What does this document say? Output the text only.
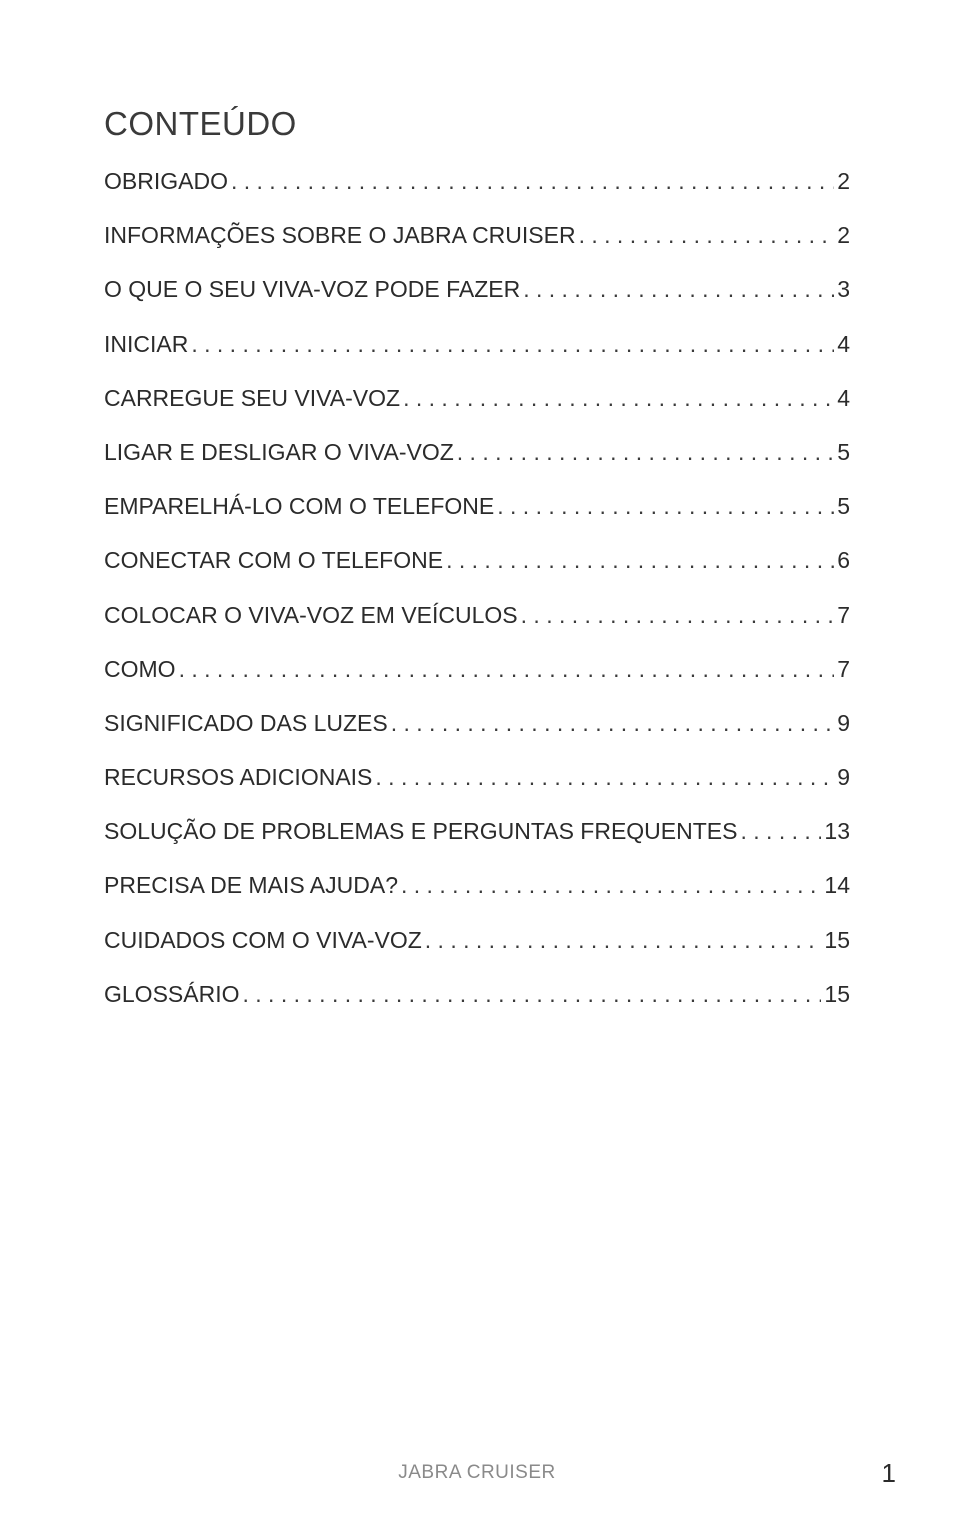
CONTEÚDO
OBRIGADO . . .	2
INFORMAÇÕES SOBRE O JABRA CRUISER . . .	2
O QUE O SEU VIVA-VOZ PODE FAZER . . .	3
INICIAR . . .	4
CARREGUE SEU VIVA-VOZ . . .	4
LIGAR E DESLIGAR O VIVA-VOZ . . .	5
EMPARELHÁ-LO COM O TELEFONE . . .	5
CONECTAR COM O TELEFONE . . .	6
COLOCAR O VIVA-VOZ EM VEÍCULOS . . .	7
COMO . . .	7
SIGNIFICADO DAS LUZES . . .	9
RECURSOS ADICIONAIS . . .	9
SOLUÇÃO DE PROBLEMAS E PERGUNTAS FREQUENTES . . .	13
PRECISA DE MAIS AJUDA? . . .	14
CUIDADOS COM O VIVA-VOZ . . .	15
GLOSSÁRIO . . .	15
JABRA CRUISER	1
